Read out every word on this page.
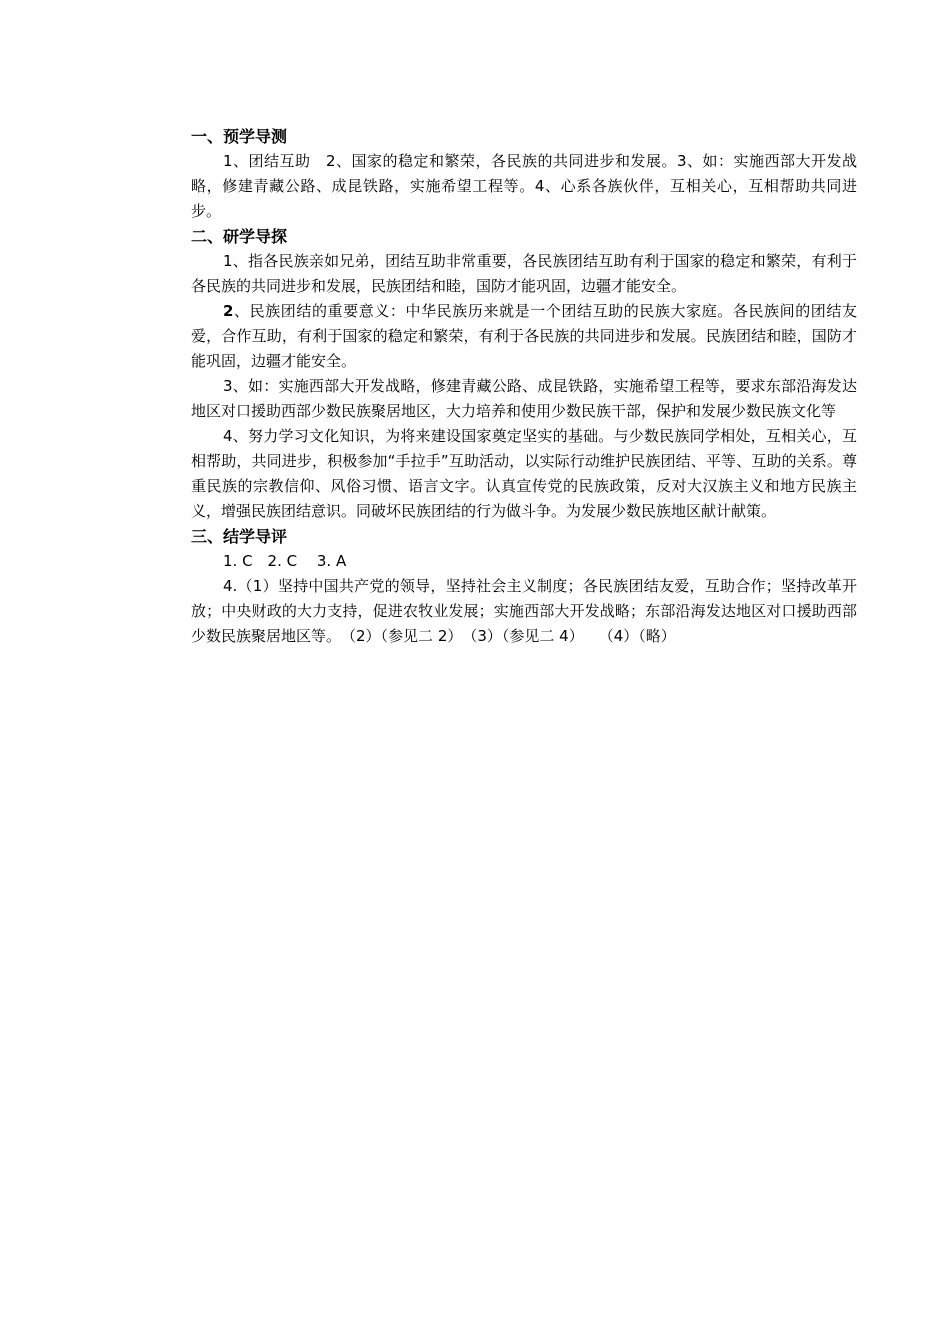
一、预学导测

1、团结互助　2、国家的稳定和繁荣，各民族的共同进步和发展。3、如：实施西部大开发战略，修建青藏公路、成昆铁路，实施希望工程等。4、心系各族伙伴，互相关心，互相帮助共同进步。

二、研学导探

1、指各民族亲如兄弟，团结互助非常重要，各民族团结互助有利于国家的稳定和繁荣，有利于各民族的共同进步和发展，民族团结和睦，国防才能巩固，边疆才能安全。

2、民族团结的重要意义：中华民族历来就是一个团结互助的民族大家庭。各民族间的团结友爱，合作互助，有利于国家的稳定和繁荣，有利于各民族的共同进步和发展。民族团结和睦，国防才能巩固，边疆才能安全。

3、如：实施西部大开发战略，修建青藏公路、成昆铁路，实施希望工程等，要求东部沿海发达地区对口援助西部少数民族聚居地区，大力培养和使用少数民族干部，保护和发展少数民族文化等

4、努力学习文化知识，为将来建设国家奠定坚实的基础。与少数民族同学相处，互相关心，互相帮助，共同进步，积极参加“手拉手”互助活动，以实际行动维护民族团结、平等、互助的关系。尊重民族的宗教信仰、风俗习惯、语言文字。认真宣传党的民族政策，反对大汉族主义和地方民族主义，增强民族团结意识。同破坏民族团结的行为做斗争。为发展少数民族地区献计献策。

三、结学导评

1. C　2. C　 3. A

4.（1）坚持中国共产党的领导，坚持社会主义制度；各民族团结友爱，互助合作；坚持改革开放；中央财政的大力支持，促进农牧业发展；实施西部大开发战略；东部沿海发达地区对口援助西部少数民族聚居地区等。　（2）（参见二 2）　（3）（参见二 4）　　（4）（略）
